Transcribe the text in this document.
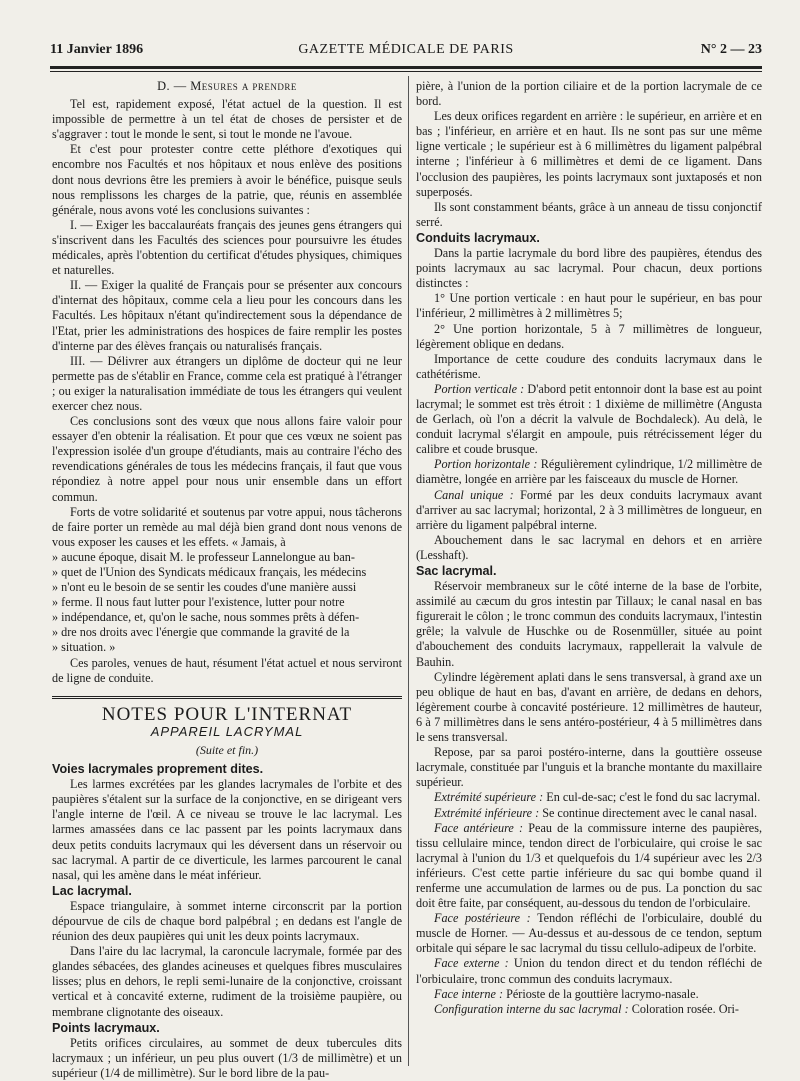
11 Janvier 1896	GAZETTE MÉDICALE DE PARIS	N° 2 — 23
D. — Mesures a prendre

Tel est, rapidement exposé, l'état actuel de la question. Il est impossible de permettre à un tel état de choses de persister et de s'aggraver : tout le monde le sent, si tout le monde ne l'avoue.

Et c'est pour protester contre cette pléthore d'exotiques qui encombre nos Facultés et nos hôpitaux et nous enlève des positions dont nous devrions être les premiers à avoir le bénéfice, puisque seuls nous remplissons les charges de la patrie, que, réunis en assemblée générale, nous avons voté les conclusions suivantes :

I. — Exiger les baccalauréats français des jeunes gens étrangers qui s'inscrivent dans les Facultés des sciences pour poursuivre les études médicales, après l'obtention du certificat d'études physiques, chimiques et naturelles.

II. — Exiger la qualité de Français pour se présenter aux concours d'internat des hôpitaux, comme cela a lieu pour les concours dans les Facultés. Les hôpitaux n'étant qu'indirectement sous la dépendance de l'Etat, prier les administrations des hospices de faire remplir les postes d'interne par des élèves français ou naturalisés français.

III. — Délivrer aux étrangers un diplôme de docteur qui ne leur permette pas de s'établir en France, comme cela est pratiqué à l'étranger ; ou exiger la naturalisation immédiate de tous les étrangers qui veulent exercer chez nous.

Ces conclusions sont des vœux que nous allons faire valoir pour essayer d'en obtenir la réalisation. Et pour que ces vœux ne soient pas l'expression isolée d'un groupe d'étudiants, mais au contraire l'écho des revendications générales de tous les médecins français, il faut que vous répondiez à notre appel pour nous unir ensemble dans un effort commun.

Forts de votre solidarité et soutenus par votre appui, nous tâcherons de faire porter un remède au mal déjà bien grand dont nous venons de vous exposer les causes et les effets. « Jamais, à

» aucune époque, disait M. le professeur Lannelongue au ban-

» quet de l'Union des Syndicats médicaux français, les médecins

» n'ont eu le besoin de se sentir les coudes d'une manière aussi

» ferme. Il nous faut lutter pour l'existence, lutter pour notre

» indépendance, et, qu'on le sache, nous sommes prêts à défen-

» dre nos droits avec l'énergie que commande la gravité de la

» situation. »

Ces paroles, venues de haut, résument l'état actuel et nous serviront de ligne de conduite.

NOTES POUR L'INTERNAT
APPAREIL LACRYMAL
(Suite et fin.)
Voies lacrymales proprement dites.

Les larmes excrétées par les glandes lacrymales de l'orbite et des paupières s'étalent sur la surface de la conjonctive, en se dirigeant vers l'angle interne de l'œil. A ce niveau se trouve le lac lacrymal. Les larmes amassées dans ce lac passent par les points lacrymaux dans deux petits conduits lacrymaux qui les déversent dans un réservoir ou sac lacrymal. A partir de ce diverticule, les larmes parcourent le canal nasal, qui les amène dans le méat inférieur.

Lac lacrymal.

Espace triangulaire, à sommet interne circonscrit par la portion dépourvue de cils de chaque bord palpébral ; en dedans est l'angle de réunion des deux paupières qui unit les deux points lacrymaux.

Dans l'aire du lac lacrymal, la caroncule lacrymale, formée par des glandes sébacées, des glandes acineuses et quelques fibres musculaires lisses; plus en dehors, le repli semi-lunaire de la conjonctive, croissant vertical et à concavité externe, rudiment de la troisième paupière, ou membrane clignotante des oiseaux.

Points lacrymaux.

Petits orifices circulaires, au sommet de deux tubercules dits lacrymaux ; un inférieur, un peu plus ouvert (1/3 de millimètre) et un supérieur (1/4 de millimètre). Sur le bord libre de la pau-

pière, à l'union de la portion ciliaire et de la portion lacrymale de ce bord.

Les deux orifices regardent en arrière : le supérieur, en arrière et en bas ; l'inférieur, en arrière et en haut. Ils ne sont pas sur une même ligne verticale ; le supérieur est à 6 millimètres du ligament palpébral interne ; l'inférieur à 6 millimètres et demi de ce ligament. Dans l'occlusion des paupières, les points lacrymaux sont juxtaposés et non superposés.

Ils sont constamment béants, grâce à un anneau de tissu conjonctif serré.

Conduits lacrymaux.

Dans la partie lacrymale du bord libre des paupières, étendus des points lacrymaux au sac lacrymal. Pour chacun, deux portions distinctes :

1° Une portion verticale : en haut pour le supérieur, en bas pour l'inférieur, 2 millimètres à 2 millimètres 5;

2° Une portion horizontale, 5 à 7 millimètres de longueur, légèrement oblique en dedans.

Importance de cette coudure des conduits lacrymaux dans le cathétérisme.

Portion verticale : D'abord petit entonnoir dont la base est au point lacrymal; le sommet est très étroit : 1 dixième de millimètre (Angusta de Gerlach, où l'on a décrit la valvule de Bochdaleck). Au delà, le conduit lacrymal s'élargit en ampoule, puis rétrécissement léger du calibre et coude brusque.

Portion horizontale : Régulièrement cylindrique, 1/2 millimètre de diamètre, longée en arrière par les faisceaux du muscle de Horner.

Canal unique : Formé par les deux conduits lacrymaux avant d'arriver au sac lacrymal; horizontal, 2 à 3 millimètres de longueur, en arrière du ligament palpébral interne.

Abouchement dans le sac lacrymal en dehors et en arrière (Lesshaft).

Sac lacrymal.

Réservoir membraneux sur le côté interne de la base de l'orbite, assimilé au cæcum du gros intestin par Tillaux; le canal nasal en bas figurerait le côlon ; le tronc commun des conduits lacrymaux, l'intestin grêle; la valvule de Huschke ou de Rosenmüller, située au point d'abouchement des conduits lacrymaux, rappellerait la valvule de Bauhin.

Cylindre légèrement aplati dans le sens transversal, à grand axe un peu oblique de haut en bas, d'avant en arrière, de dedans en dehors, légèrement courbe à concavité postérieure. 12 millimètres de hauteur, 6 à 7 millimètres dans le sens antéro-postérieur, 4 à 5 millimètres dans le sens transversal.

Repose, par sa paroi postéro-interne, dans la gouttière osseuse lacrymale, constituée par l'unguis et la branche montante du maxillaire supérieur.

Extrémité supérieure : En cul-de-sac; c'est le fond du sac lacrymal.

Extrémité inférieure : Se continue directement avec le canal nasal.

Face antérieure : Peau de la commissure interne des paupières, tissu cellulaire mince, tendon direct de l'orbiculaire, qui croise le sac lacrymal à l'union du 1/3 et quelquefois du 1/4 supérieur avec les 2/3 inférieurs. C'est cette partie inférieure du sac qui bombe quand il renferme une accumulation de larmes ou de pus. La ponction du sac doit être faite, par conséquent, au-dessous du tendon de l'orbiculaire.

Face postérieure : Tendon réfléchi de l'orbiculaire, doublé du muscle de Horner. — Au-dessus et au-dessous de ce tendon, septum orbitale qui sépare le sac lacrymal du tissu cellulo-adipeux de l'orbite.

Face externe : Union du tendon direct et du tendon réfléchi de l'orbiculaire, tronc commun des conduits lacrymaux.

Face interne : Périoste de la gouttière lacrymo-nasale.

Configuration interne du sac lacrymal : Coloration rosée. Ori-
